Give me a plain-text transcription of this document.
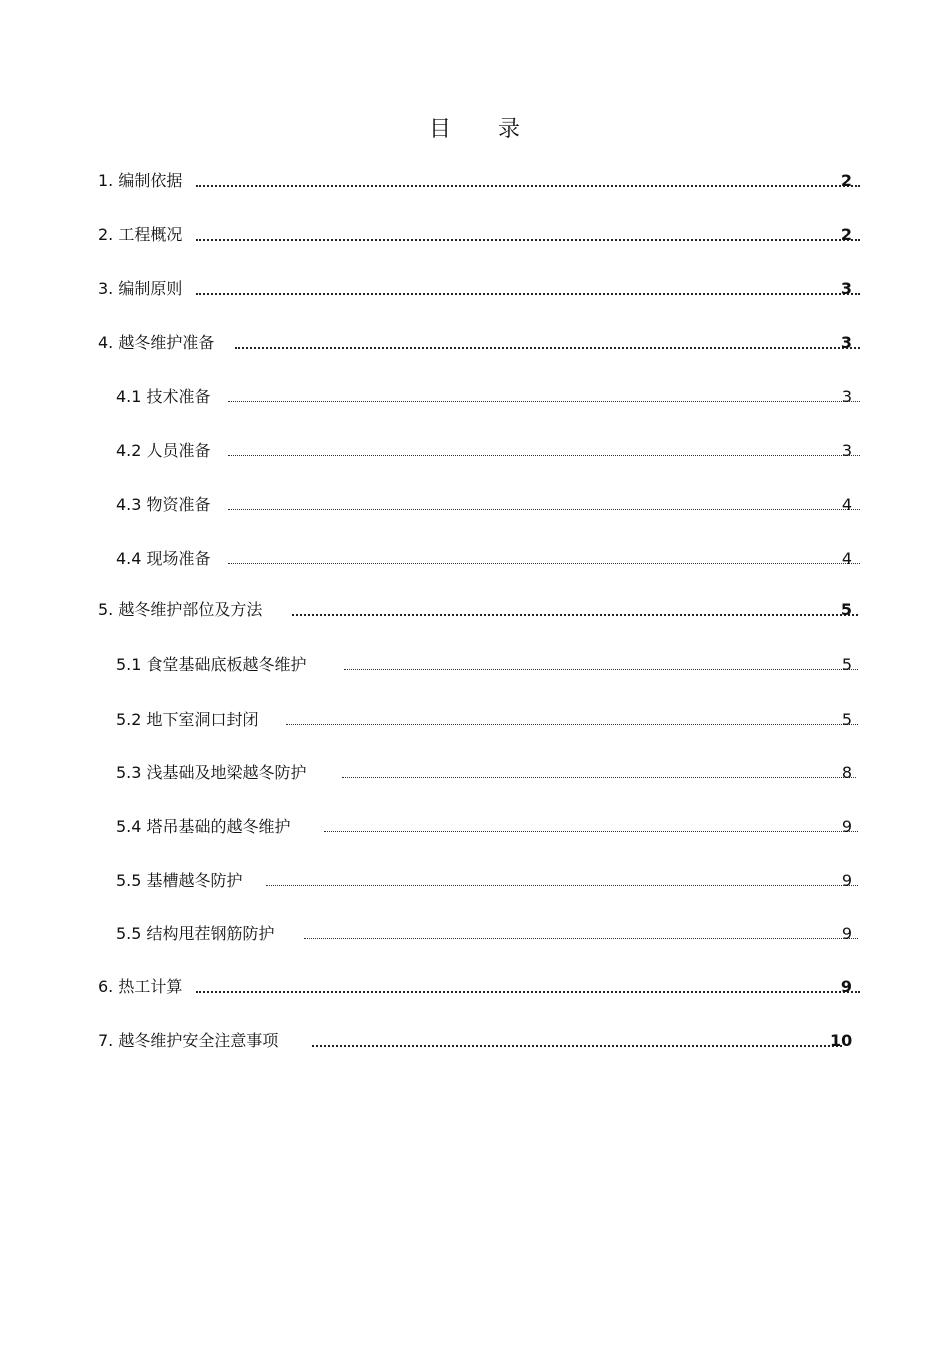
目 录
1. 编制依据	2
2. 工程概况	2
3. 编制原则	3
4. 越冬维护准备	3
4.1 技术准备	3
4.2 人员准备	3
4.3 物资准备	4
4.4 现场准备	4
5. 越冬维护部位及方法	5
5.1 食堂基础底板越冬维护	5
5.2 地下室洞口封闭	5
5.3 浅基础及地梁越冬防护	8
5.4 塔吊基础的越冬维护	9
5.5 基槽越冬防护	9
5.5 结构甩茬钢筋防护	9
6. 热工计算	9
7. 越冬维护安全注意事项	10
